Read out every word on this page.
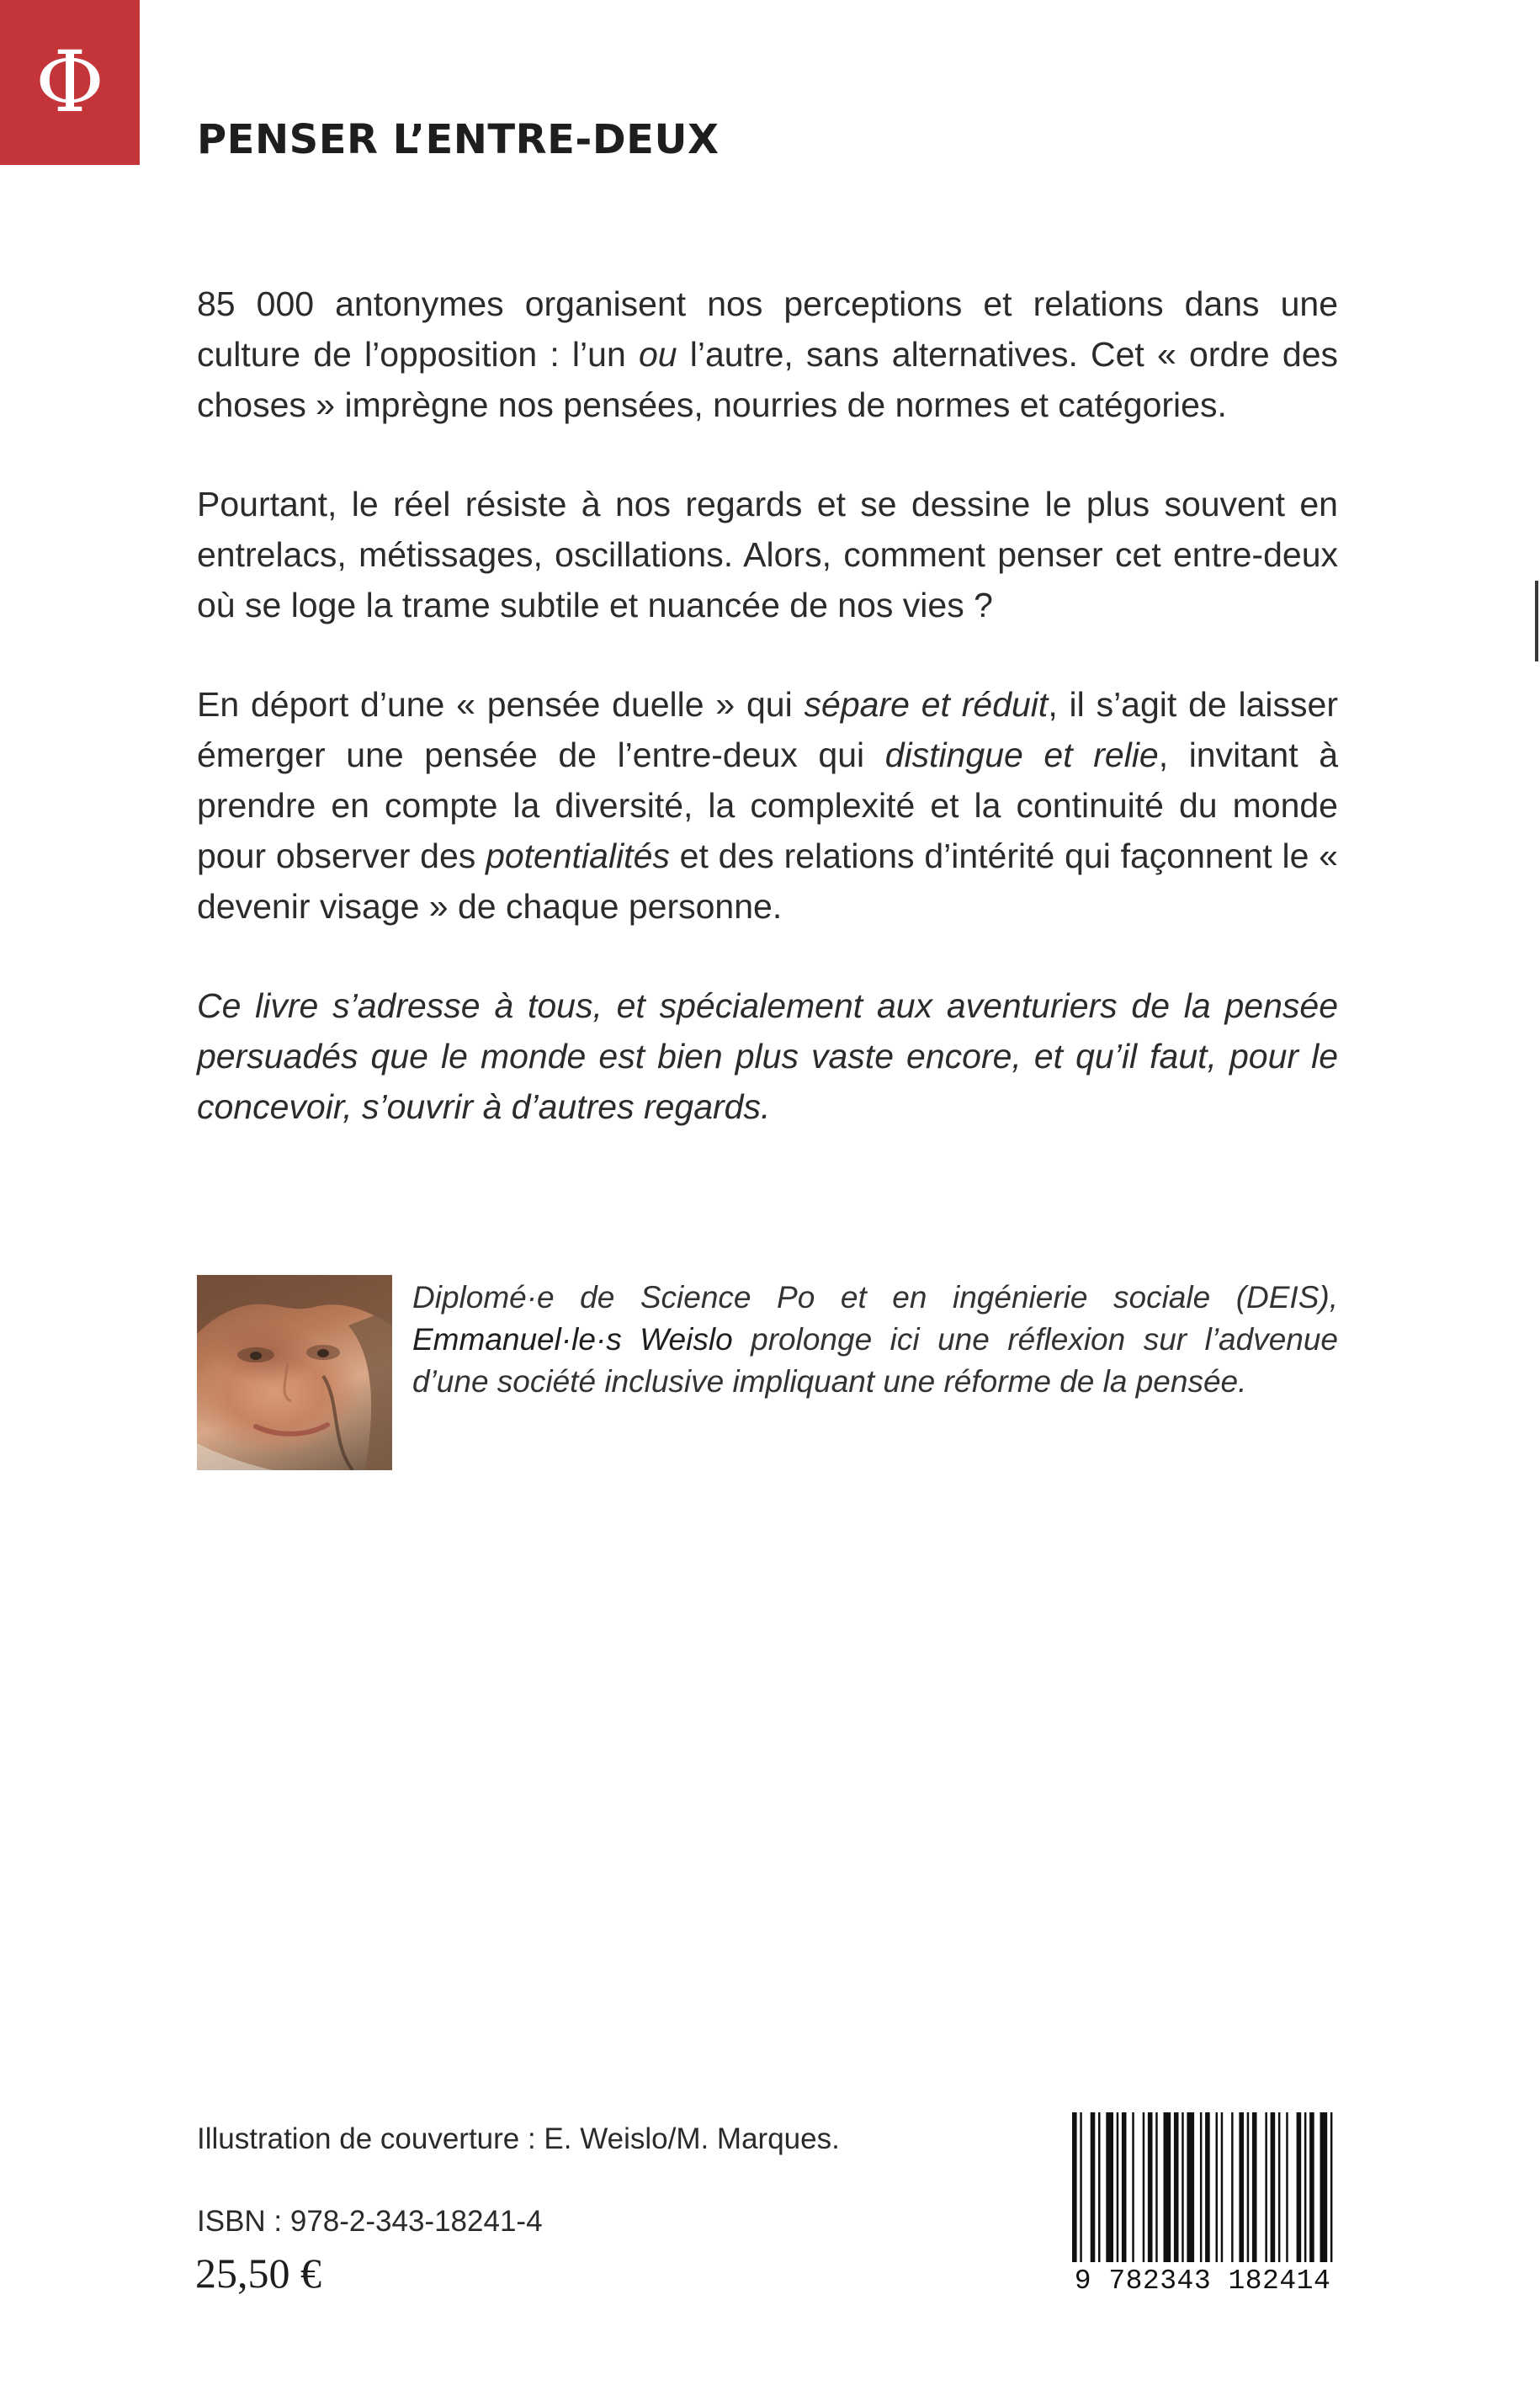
Φ
PENSER L’ENTRE-DEUX

85 000 antonymes organisent nos perceptions et relations dans une culture de l’opposition : l’un ou l’autre, sans alternatives. Cet « ordre des choses » imprègne nos pensées, nourries de normes et catégories.

Pourtant, le réel résiste à nos regards et se dessine le plus souvent en entrelacs, métissages, oscillations. Alors, comment penser cet entre-deux où se loge la trame subtile et nuancée de nos vies ?

En déport d’une « pensée duelle » qui sépare et réduit, il s’agit de laisser émerger une pensée de l’entre-deux qui distingue et relie, invitant à prendre en compte la diversité, la complexité et la continuité du monde pour observer des potentialités et des relations d’intérité qui façonnent le « devenir visage » de chaque personne.

Ce livre s’adresse à tous, et spécialement aux aventuriers de la pensée persuadés que le monde est bien plus vaste encore, et qu’il faut, pour le concevoir, s’ouvrir à d’autres regards.

Diplomé·e de Science Po et en ingénierie sociale (DEIS), Emmanuel·le·s Weislo prolonge ici une réflexion sur l’advenue d’une société inclusive impliquant une réforme de la pensée.

Illustration de couverture : E. Weislo/M. Marques.

ISBN : 978-2-343-18241-4

25,50 €	9 782343 182414
